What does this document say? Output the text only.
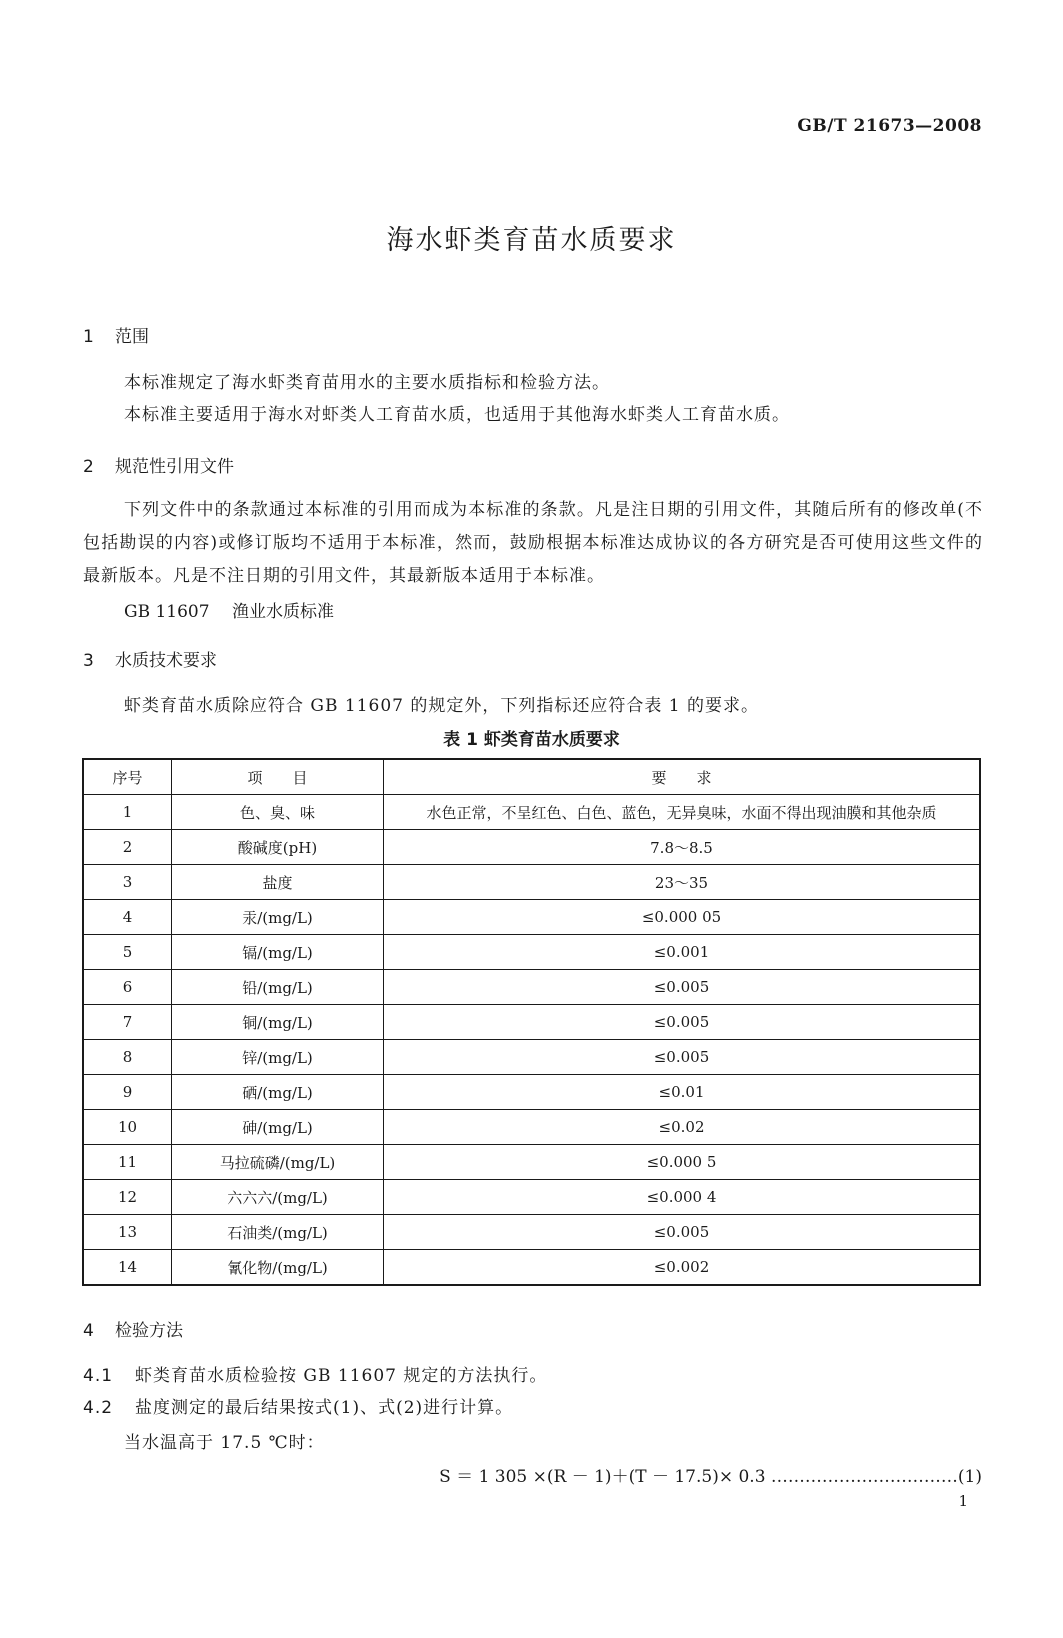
GB/T 21673—2008
海水虾类育苗水质要求
1 范围
本标准规定了海水虾类育苗用水的主要水质指标和检验方法。
本标准主要适用于海水对虾类人工育苗水质，也适用于其他海水虾类人工育苗水质。
2 规范性引用文件
下列文件中的条款通过本标准的引用而成为本标准的条款。凡是注日期的引用文件，其随后所有的修改单(不包括勘误的内容)或修订版均不适用于本标准，然而，鼓励根据本标准达成协议的各方研究是否可使用这些文件的最新版本。凡是不注日期的引用文件，其最新版本适用于本标准。
GB 11607 渔业水质标准
3 水质技术要求
虾类育苗水质除应符合 GB 11607 的规定外，下列指标还应符合表 1 的要求。
表 1 虾类育苗水质要求
序号	项　　目	要　　求
1	色、臭、味	水色正常，不呈红色、白色、蓝色，无异臭味，水面不得出现油膜和其他杂质
2	酸碱度(pH)	7.8～8.5
3	盐度	23～35
4	汞/(mg/L)	≤0.000 05
5	镉/(mg/L)	≤0.001
6	铅/(mg/L)	≤0.005
7	铜/(mg/L)	≤0.005
8	锌/(mg/L)	≤0.005
9	硒/(mg/L)	≤0.01
10	砷/(mg/L)	≤0.02
11	马拉硫磷/(mg/L)	≤0.000 5
12	六六六/(mg/L)	≤0.000 4
13	石油类/(mg/L)	≤0.005
14	氰化物/(mg/L)	≤0.002
4 检验方法
4.1 虾类育苗水质检验按 GB 11607 规定的方法执行。
4.2 盐度测定的最后结果按式(1)、式(2)进行计算。
当水温高于 17.5 ℃时：
S ＝ 1 305 ×(R － 1)＋(T － 17.5)× 0.3 ……………………………(1)
1
